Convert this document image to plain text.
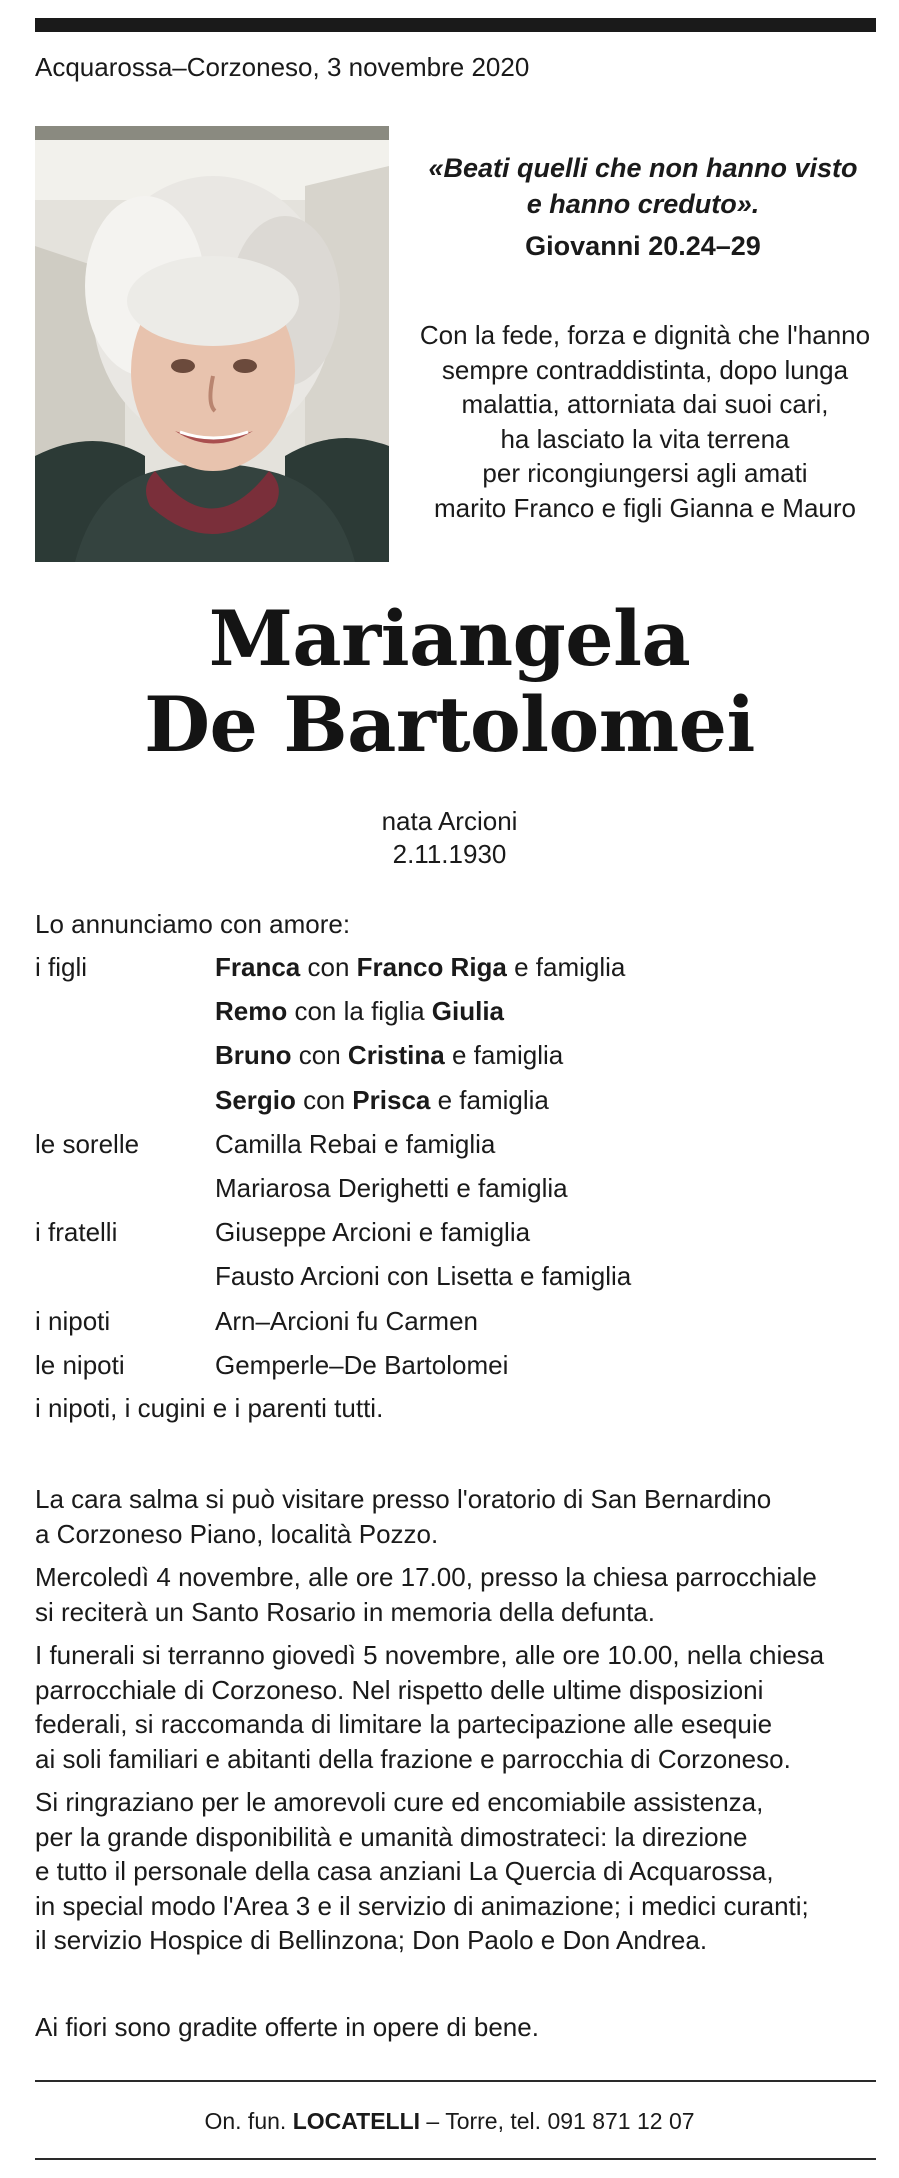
Acquarossa–Corzoneso, 3 novembre 2020
«Beati quelli che non hanno visto
e hanno creduto».
Giovanni 20.24–29
Con la fede, forza e dignità che l'hanno
sempre contraddistinta, dopo lunga
malattia, attorniata dai suoi cari,
ha lasciato la vita terrena
per ricongiungersi agli amati
marito Franco e figli Gianna e Mauro
Mariangela
De Bartolomei
nata Arcioni
2.11.1930
Lo annunciamo con amore:
i figli	Franca con Franco Riga e famiglia
Remo con la figlia Giulia
Bruno con Cristina e famiglia
Sergio con Prisca e famiglia
le sorelle	Camilla Rebai e famiglia
Mariarosa Derighetti e famiglia
i fratelli	Giuseppe Arcioni e famiglia
Fausto Arcioni con Lisetta e famiglia
i nipoti	Arn–Arcioni fu Carmen
le nipoti	Gemperle–De Bartolomei
i nipoti, i cugini e i parenti tutti.
La cara salma si può visitare presso l'oratorio di San Bernardino
a Corzoneso Piano, località Pozzo.
Mercoledì 4 novembre, alle ore 17.00, presso la chiesa parrocchiale
si reciterà un Santo Rosario in memoria della defunta.
I funerali si terranno giovedì 5 novembre, alle ore 10.00, nella chiesa
parrocchiale di Corzoneso. Nel rispetto delle ultime disposizioni
federali, si raccomanda di limitare la partecipazione alle esequie
ai soli familiari e abitanti della frazione e parrocchia di Corzoneso.
Si ringraziano per le amorevoli cure ed encomiabile assistenza,
per la grande disponibilità e umanità dimostrateci: la direzione
e tutto il personale della casa anziani La Quercia di Acquarossa,
in special modo l'Area 3 e il servizio di animazione; i medici curanti;
il servizio Hospice di Bellinzona; Don Paolo e Don Andrea.
Ai fiori sono gradite offerte in opere di bene.
On. fun. LOCATELLI – Torre, tel. 091 871 12 07
